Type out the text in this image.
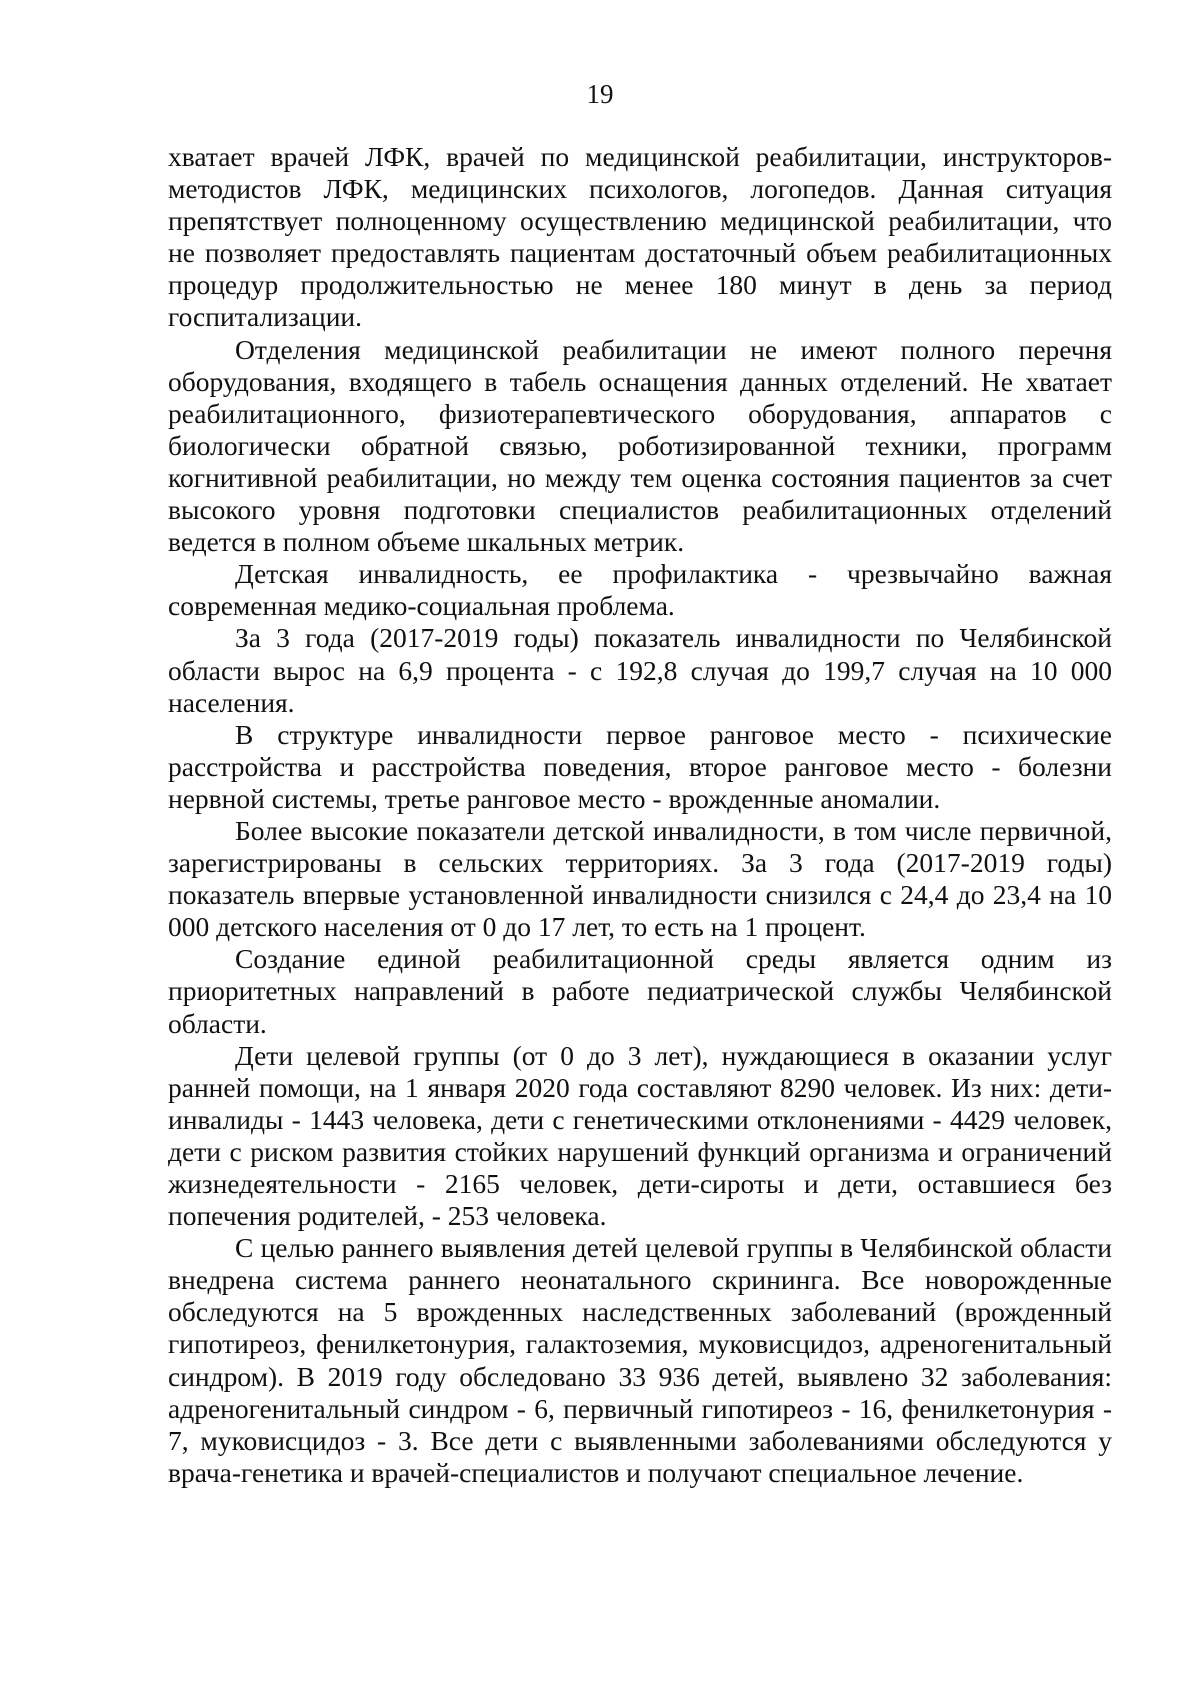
19

хватает врачей ЛФК, врачей по медицинской реабилитации, инструкторов-методистов ЛФК, медицинских психологов, логопедов. Данная ситуация препятствует полноценному осуществлению медицинской реабилитации, что не позволяет предоставлять пациентам достаточный объем реабилитационных процедур продолжительностью не менее 180 минут в день за период госпитализации.

Отделения медицинской реабилитации не имеют полного перечня оборудования, входящего в табель оснащения данных отделений. Не хватает реабилитационного, физиотерапевтического оборудования, аппаратов с биологически обратной связью, роботизированной техники, программ когнитивной реабилитации, но между тем оценка состояния пациентов за счет высокого уровня подготовки специалистов реабилитационных отделений ведется в полном объеме шкальных метрик.

Детская инвалидность, ее профилактика - чрезвычайно важная современная медико-социальная проблема.

За 3 года (2017-2019 годы) показатель инвалидности по Челябинской области вырос на 6,9 процента - с 192,8 случая до 199,7 случая на 10 000 населения.

В структуре инвалидности первое ранговое место - психические расстройства и расстройства поведения, второе ранговое место - болезни нервной системы, третье ранговое место - врожденные аномалии.

Более высокие показатели детской инвалидности, в том числе первичной, зарегистрированы в сельских территориях. За 3 года (2017-2019 годы) показатель впервые установленной инвалидности снизился с 24,4 до 23,4 на 10 000 детского населения от 0 до 17 лет, то есть на 1 процент.

Создание единой реабилитационной среды является одним из приоритетных направлений в работе педиатрической службы Челябинской области.

Дети целевой группы (от 0 до 3 лет), нуждающиеся в оказании услуг ранней помощи, на 1 января 2020 года составляют 8290 человек. Из них: дети-инвалиды - 1443 человека, дети с генетическими отклонениями - 4429 человек, дети с риском развития стойких нарушений функций организма и ограничений жизнедеятельности - 2165 человек, дети-сироты и дети, оставшиеся без попечения родителей, - 253 человека.

С целью раннего выявления детей целевой группы в Челябинской области внедрена система раннего неонатального скрининга. Все новорожденные обследуются на 5 врожденных наследственных заболеваний (врожденный гипотиреоз, фенилкетонурия, галактоземия, муковисцидоз, адреногенитальный синдром). В 2019 году обследовано 33 936 детей, выявлено 32 заболевания: адреногенитальный синдром - 6, первичный гипотиреоз - 16, фенилкетонурия - 7, муковисцидоз - 3. Все дети с выявленными заболеваниями обследуются у врача-генетика и врачей-специалистов и получают специальное лечение.
